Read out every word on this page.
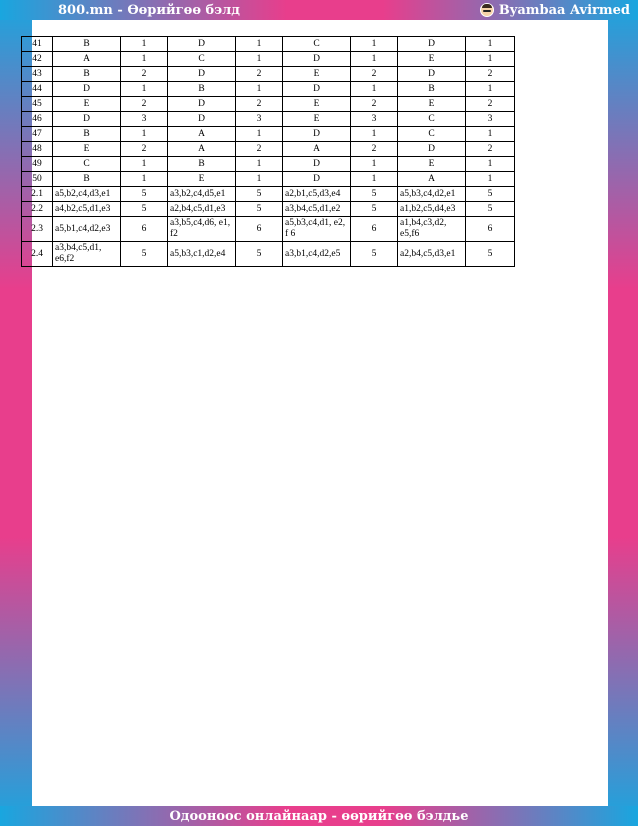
800.mn - Өөрийгөө бэлд	Byambaa Avirmed
41	B	1	D	1	C	1	D	1
42	A	1	C	1	D	1	E	1
43	B	2	D	2	E	2	D	2
44	D	1	B	1	D	1	B	1
45	E	2	D	2	E	2	E	2
46	D	3	D	3	E	3	C	3
47	B	1	A	1	D	1	C	1
48	E	2	A	2	A	2	D	2
49	C	1	B	1	D	1	E	1
50	B	1	E	1	D	1	A	1
2.1	a5,b2,c4,d3,e1	5	a3,b2,c4,d5,e1	5	a2,b1,c5,d3,e4	5	a5,b3,c4,d2,e1	5
2.2	a4,b2,c5,d1,e3	5	a2,b4,c5,d1,e3	5	a3,b4,c5,d1,e2	5	a1,b2,c5,d4,e3	5
2.3	a5,b1,c4,d2,e3	6	a3,b5,c4,d6, e1, f2	6	a5,b3,c4,d1, e2, f 6	6	a1,b4,c3,d2, e5,f6	6
2.4	a3,b4,c5,d1, e6,f2	5	a5,b3,c1,d2,e4	5	a3,b1,c4,d2,e5	5	a2,b4,c5,d3,e1	5
Одооноос онлайнаар - өөрийгөө бэлдье
